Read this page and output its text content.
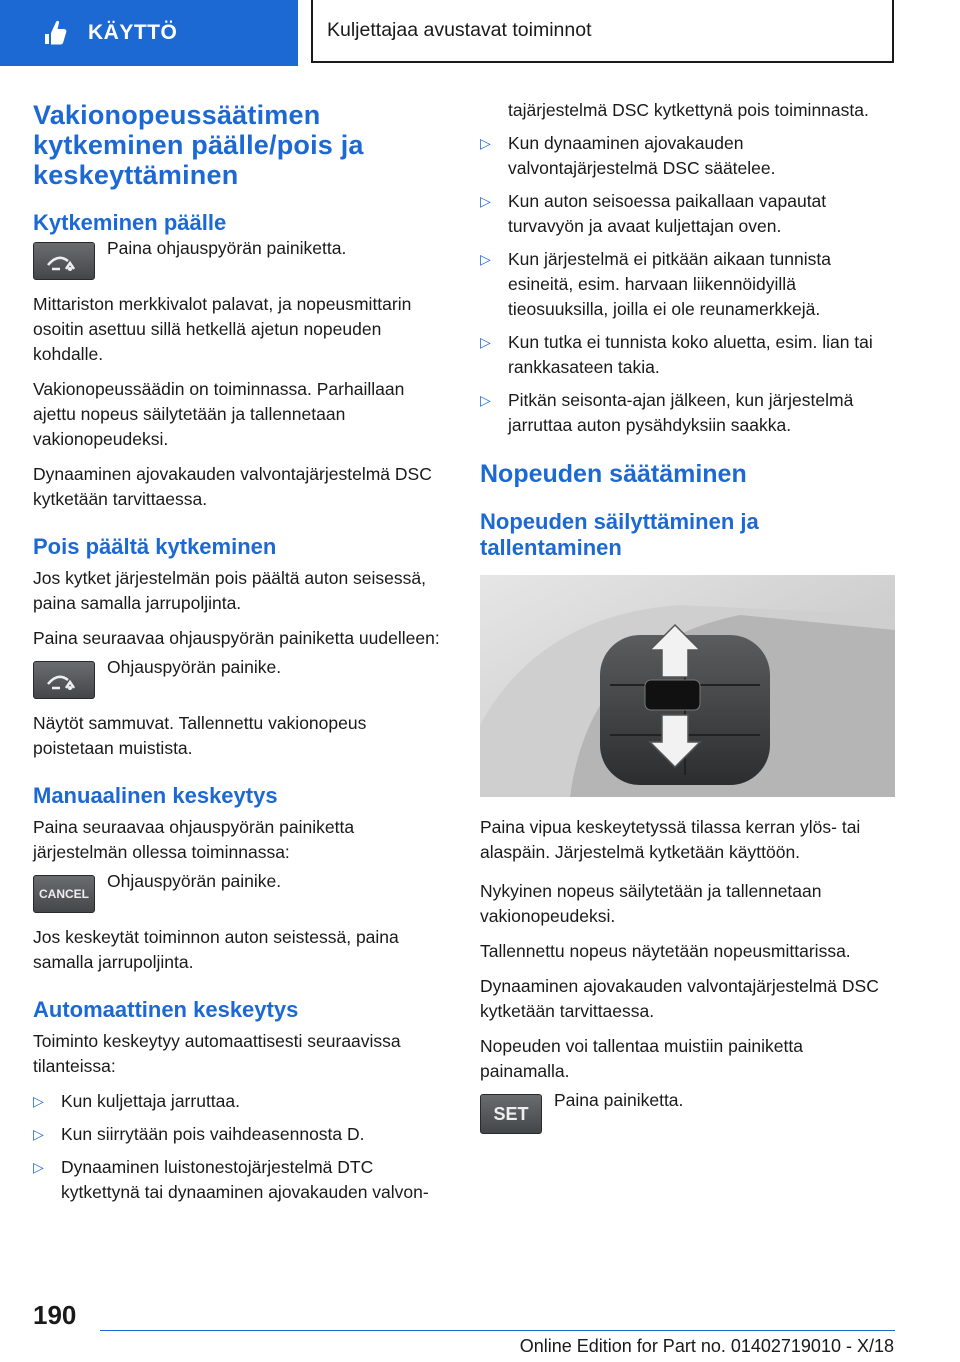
KÄYTTÖ	Kuljettajaa avustavat toiminnot
Vakionopeussäätimen kytkeminen päälle/pois ja keskeyttäminen
Kytkeminen päälle
Paina ohjauspyörän painiketta.

Mittariston merkkivalot palavat, ja nopeusmittarin osoitin asettuu sillä hetkellä ajetun nopeuden kohdalle.

Vakionopeussäädin on toiminnassa. Parhaillaan ajettu nopeus säilytetään ja tallennetaan vakionopeudeksi.

Dynaaminen ajovakauden valvontajärjestelmä DSC kytketään tarvittaessa.

Pois päältä kytkeminen

Jos kytket järjestelmän pois päältä auton seisessä, paina samalla jarrupoljinta.

Paina seuraavaa ohjauspyörän painiketta uudelleen:

Ohjauspyörän painike.

Näytöt sammuvat. Tallennettu vakionopeus poistetaan muistista.

Manuaalinen keskeytys

Paina seuraavaa ohjauspyörän painiketta järjestelmän ollessa toiminnassa:

CANCEL
Ohjauspyörän painike.

Jos keskeytät toiminnon auton seistessä, paina samalla jarrupoljinta.

Automaattinen keskeytys

Toiminto keskeytyy automaattisesti seuraavissa tilanteissa:

▷ Kun kuljettaja jarruttaa.
▷ Kun siirrytään pois vaihdeasennosta D.
▷ Dynaaminen luistonestojärjestelmä DTC kytkettynä tai dynaaminen ajovakauden valvon-
tajärjestelmä DSC kytkettynä pois toiminnasta.
▷ Kun dynaaminen ajovakauden valvontajärjestelmä DSC säätelee.
▷ Kun auton seisoessa paikallaan vapautat turvavyön ja avaat kuljettajan oven.
▷ Kun järjestelmä ei pitkään aikaan tunnista esineitä, esim. harvaan liikennöidyillä tieosuuksilla, joilla ei ole reunamerkkejä.
▷ Kun tutka ei tunnista koko aluetta, esim. lian tai rankkasateen takia.
▷ Pitkän seisonta-ajan jälkeen, kun järjestelmä jarruttaa auton pysähdyksiin saakka.
Nopeuden säätäminen
Nopeuden säilyttäminen ja tallentaminen

Paina vipua keskeytetyssä tilassa kerran ylös- tai alaspäin. Järjestelmä kytketään käyttöön.

Nykyinen nopeus säilytetään ja tallennetaan vakionopeudeksi.

Tallennettu nopeus näytetään nopeusmittarissa.

Dynaaminen ajovakauden valvontajärjestelmä DSC kytketään tarvittaessa.

Nopeuden voi tallentaa muistiin painiketta painamalla.

SET
Paina painiketta.
190
Online Edition for Part no. 01402719010 - X/18
